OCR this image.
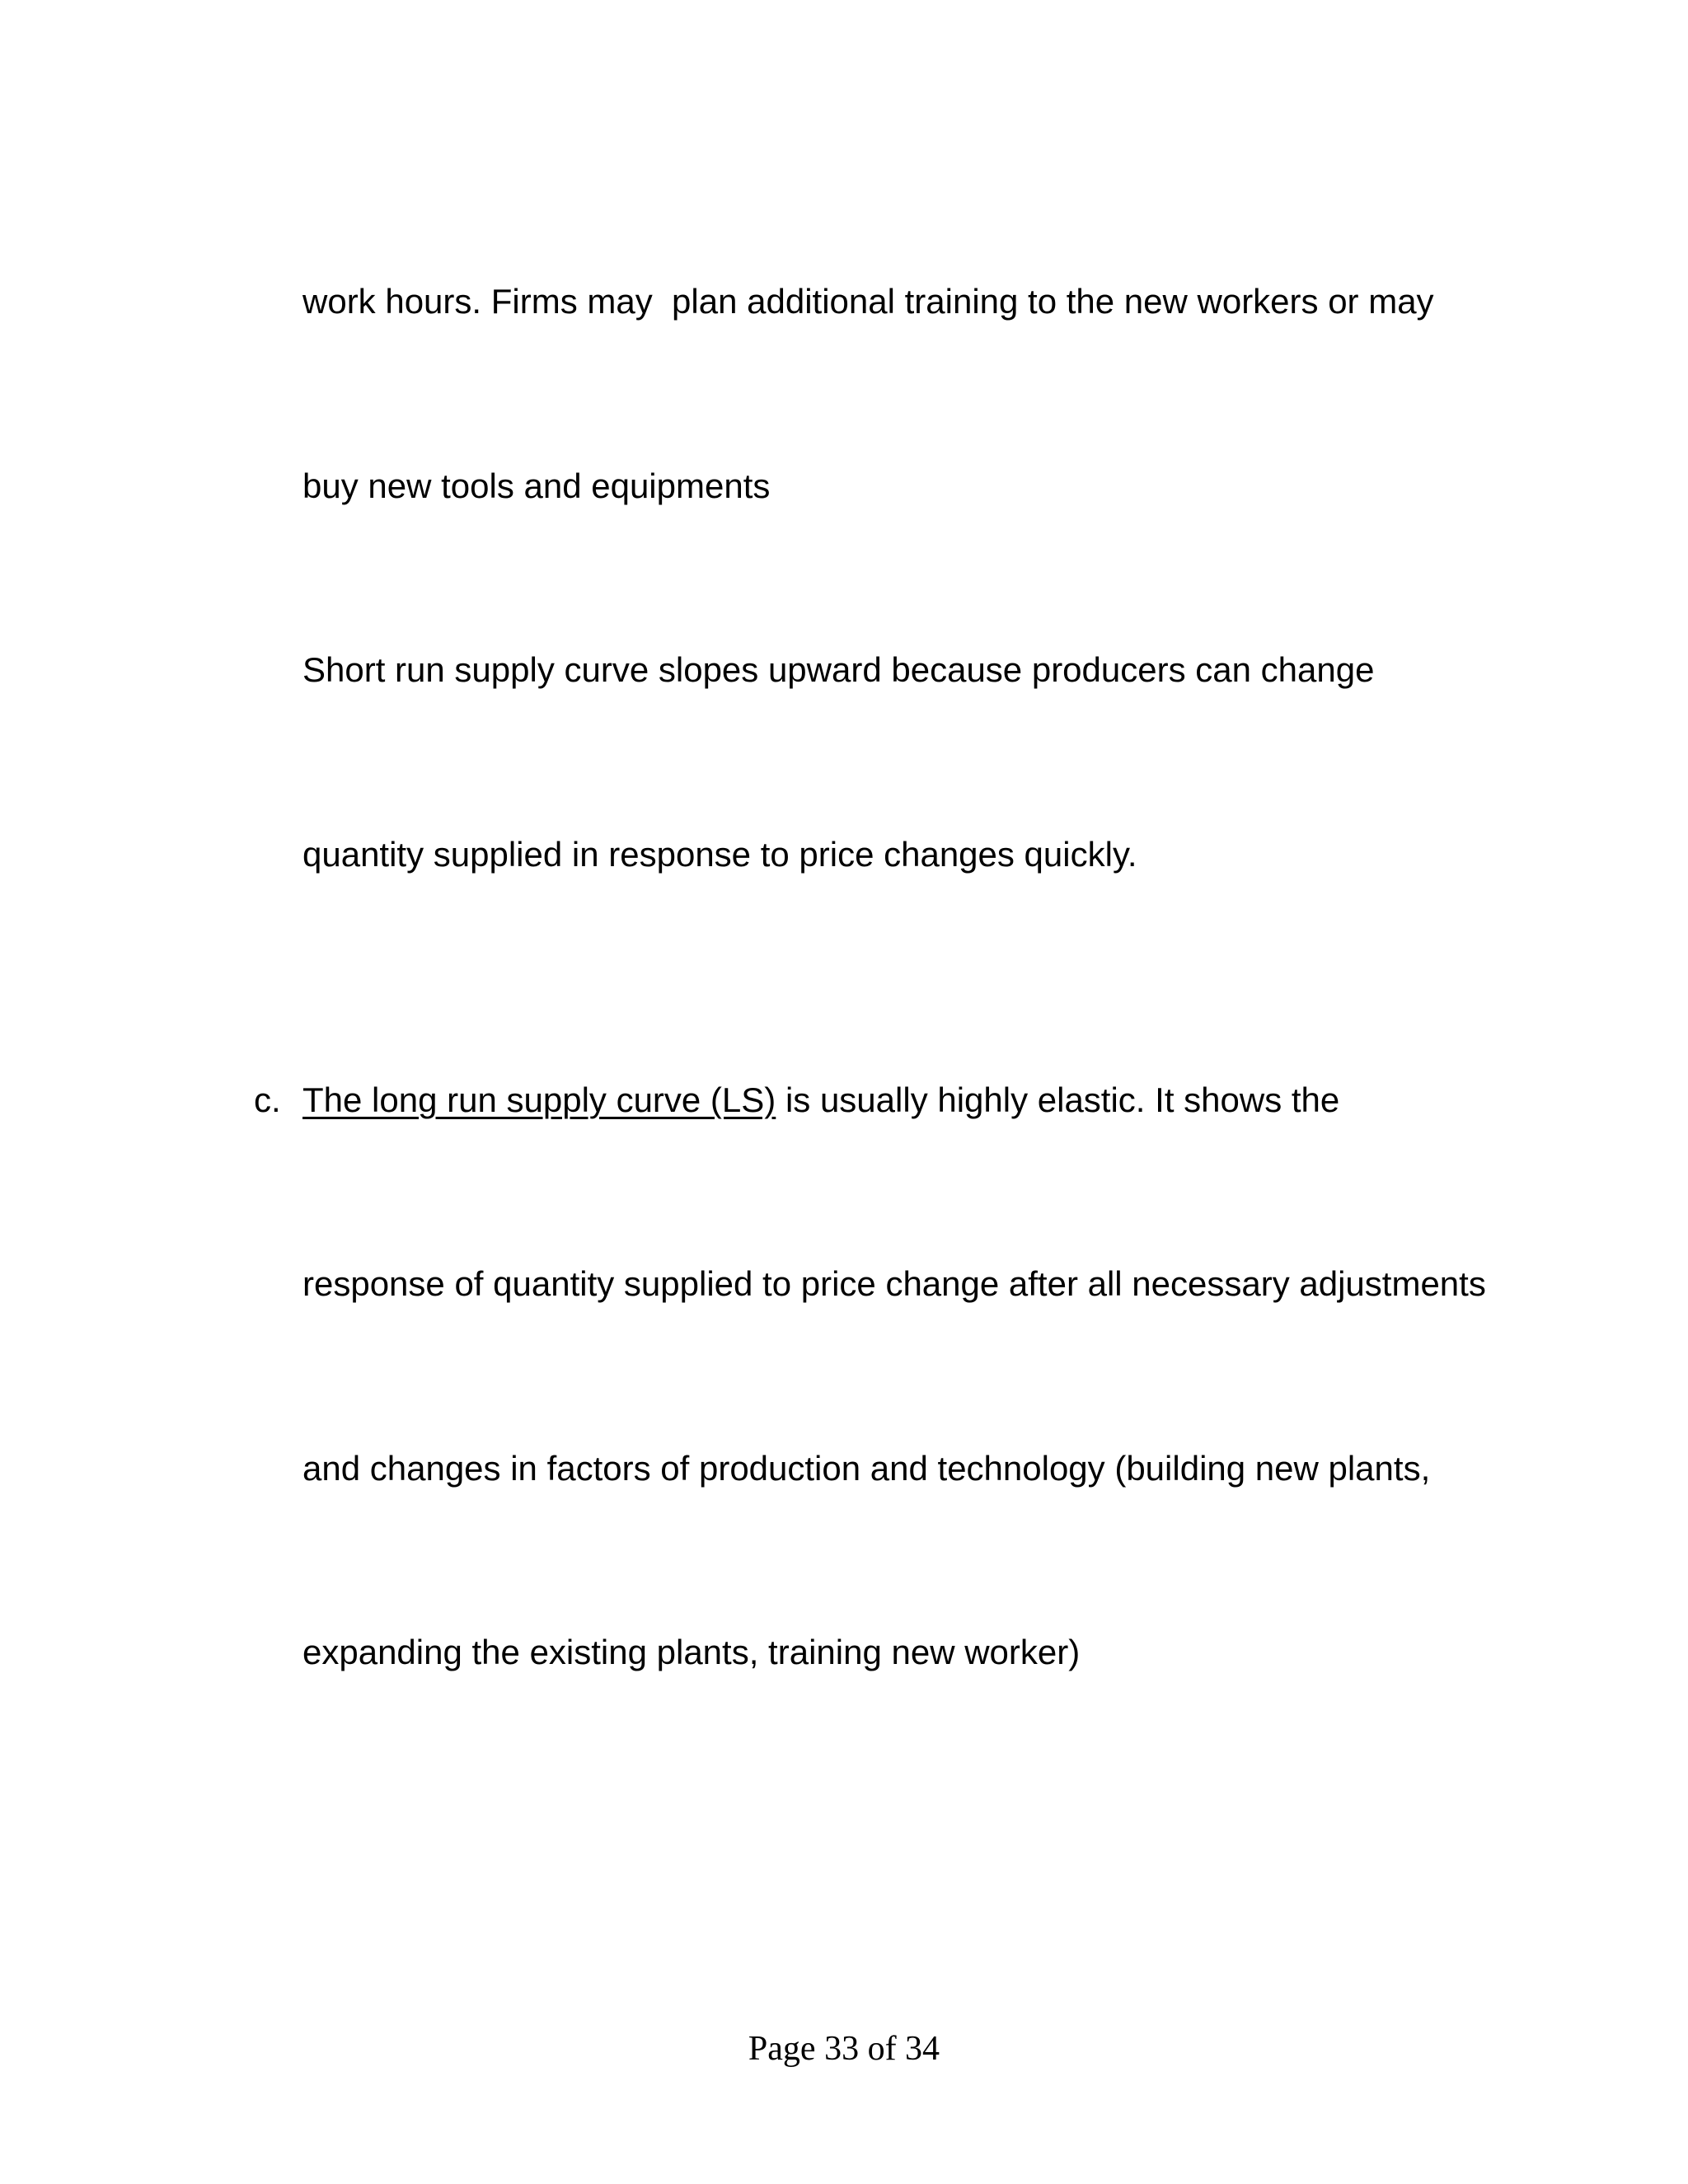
work hours. Firms may  plan additional training to the new workers or may

buy new tools and equipments

Short run supply curve slopes upward because producers can change

quantity supplied in response to price changes quickly.

c. The long run supply curve (LS) is usually highly elastic. It shows the

response of quantity supplied to price change after all necessary adjustments

and changes in factors of production and technology (building new plants,

expanding the existing plants, training new worker)

Page 33 of 34
